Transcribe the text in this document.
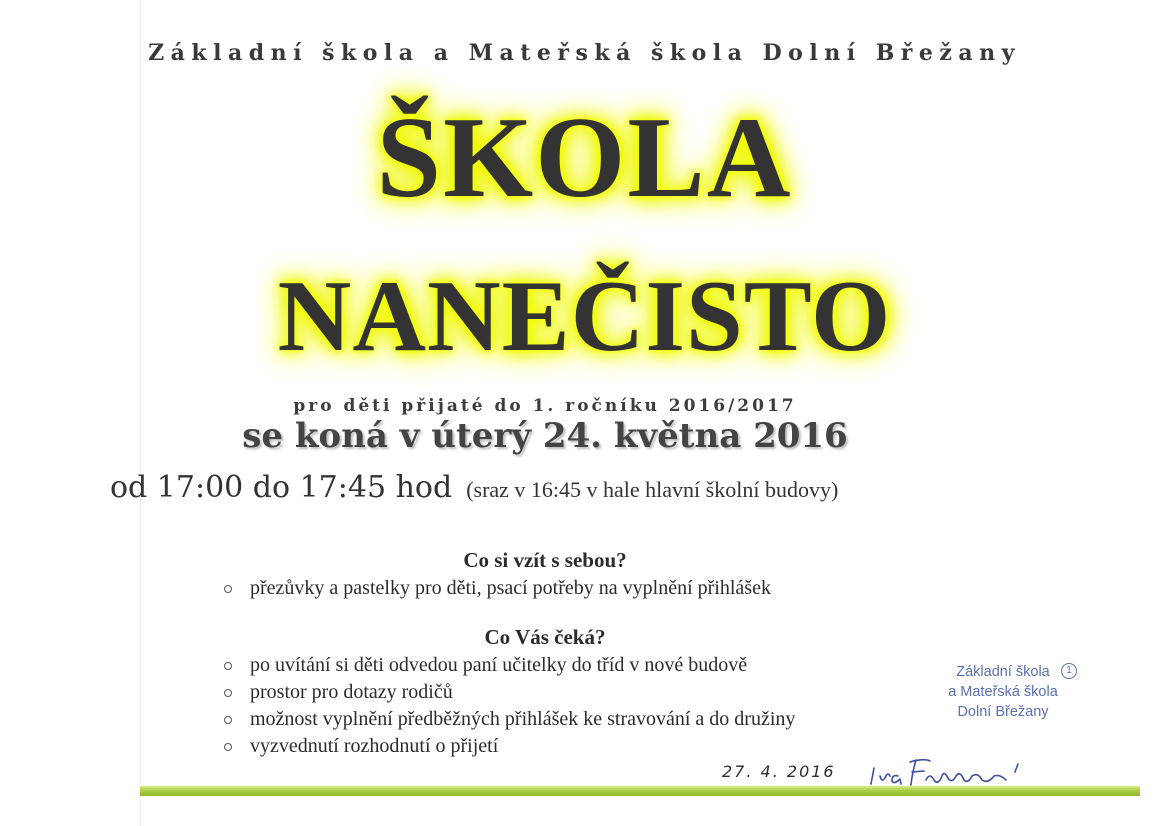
Základní škola a Mateřská škola Dolní Břežany
ŠKOLA
NANEČISTO
pro děti přijaté do 1. ročníku 2016/2017
se koná v úterý 24. května 2016
od 17:00 do 17:45 hod (sraz v 16:45 v hale hlavní školní budovy)
Co si vzít s sebou?
přezůvky a pastelky pro děti, psací potřeby na vyplnění přihlášek
Co Vás čeká?
po uvítání si děti odvedou paní učitelky do tříd v nové budově
prostor pro dotazy rodičů
možnost vyplnění předběžných přihlášek ke stravování a do družiny
vyzvednutí rozhodnutí o přijetí
Základní škola
a Mateřská škola
Dolní Břežany
1
27. 4. 2016
